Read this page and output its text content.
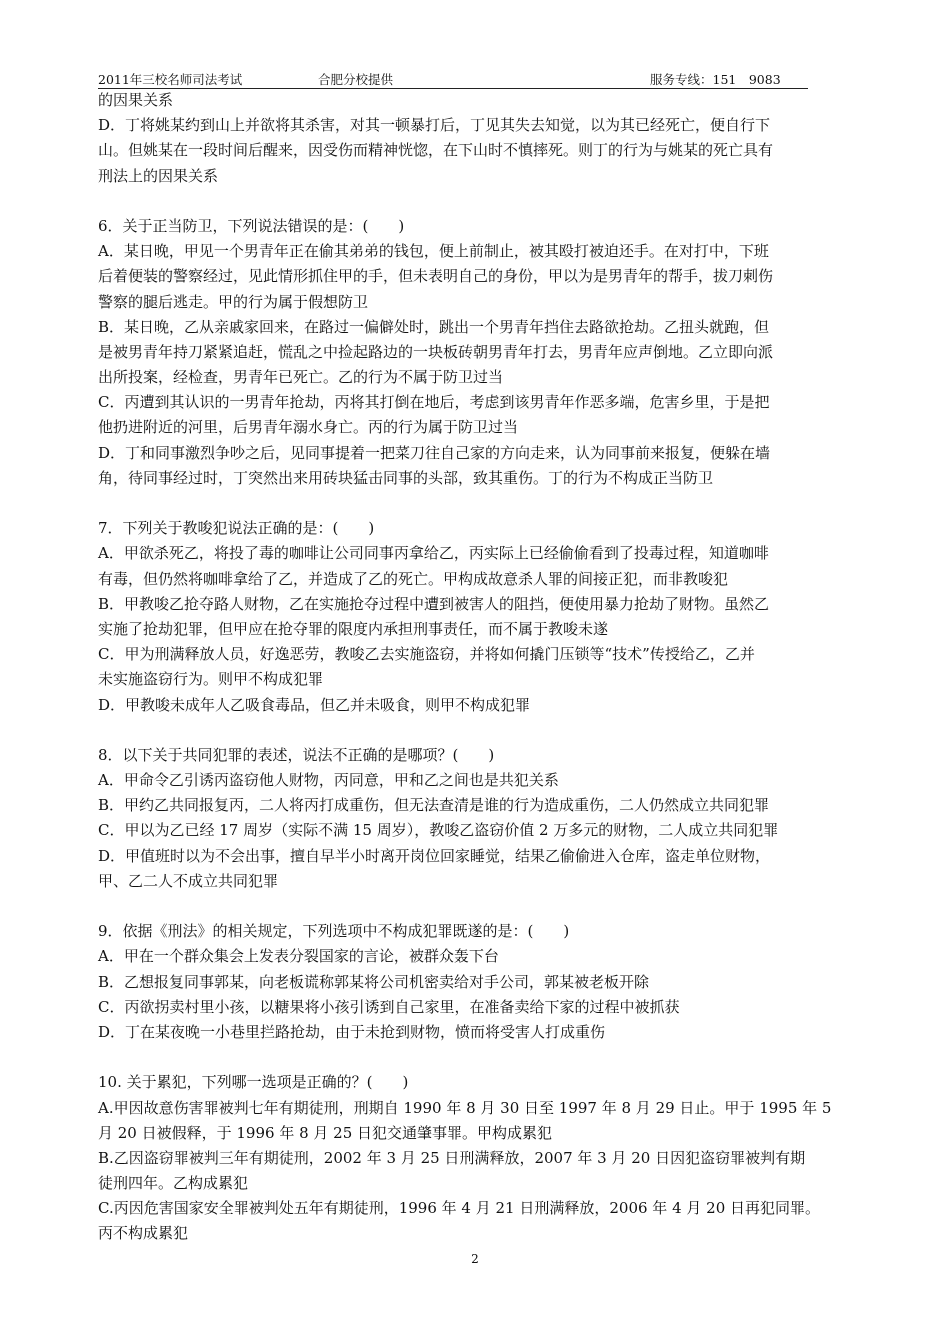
2011年三校名师司法考试	合肥分校提供	服务专线：151　9083
的因果关系
D．丁将姚某约到山上并欲将其杀害，对其一顿暴打后，丁见其失去知觉，以为其已经死亡，便自行下
山。但姚某在一段时间后醒来，因受伤而精神恍惚，在下山时不慎摔死。则丁的行为与姚某的死亡具有
刑法上的因果关系
6．关于正当防卫，下列说法错误的是：(　　)
A．某日晚，甲见一个男青年正在偷其弟弟的钱包，便上前制止，被其殴打被迫还手。在对打中，下班
后着便装的警察经过，见此情形抓住甲的手，但未表明自己的身份，甲以为是男青年的帮手，拔刀刺伤
警察的腿后逃走。甲的行为属于假想防卫
B．某日晚，乙从亲戚家回来，在路过一偏僻处时，跳出一个男青年挡住去路欲抢劫。乙扭头就跑，但
是被男青年持刀紧紧追赶，慌乱之中捡起路边的一块板砖朝男青年打去，男青年应声倒地。乙立即向派
出所投案，经检查，男青年已死亡。乙的行为不属于防卫过当
C．丙遭到其认识的一男青年抢劫，丙将其打倒在地后，考虑到该男青年作恶多端，危害乡里，于是把
他扔进附近的河里，后男青年溺水身亡。丙的行为属于防卫过当
D．丁和同事激烈争吵之后，见同事提着一把菜刀往自己家的方向走来，认为同事前来报复，便躲在墙
角，待同事经过时，丁突然出来用砖块猛击同事的头部，致其重伤。丁的行为不构成正当防卫
7．下列关于教唆犯说法正确的是：(　　)
A．甲欲杀死乙，将投了毒的咖啡让公司同事丙拿给乙，丙实际上已经偷偷看到了投毒过程，知道咖啡
有毒，但仍然将咖啡拿给了乙，并造成了乙的死亡。甲构成故意杀人罪的间接正犯，而非教唆犯
B．甲教唆乙抢夺路人财物，乙在实施抢夺过程中遭到被害人的阻挡，便使用暴力抢劫了财物。虽然乙
实施了抢劫犯罪，但甲应在抢夺罪的限度内承担刑事责任，而不属于教唆未遂
C．甲为刑满释放人员，好逸恶劳，教唆乙去实施盗窃，并将如何撬门压锁等“技术”传授给乙，乙并
未实施盗窃行为。则甲不构成犯罪
D．甲教唆未成年人乙吸食毒品，但乙并未吸食，则甲不构成犯罪
8．以下关于共同犯罪的表述，说法不正确的是哪项？(　　)
A．甲命令乙引诱丙盗窃他人财物，丙同意，甲和乙之间也是共犯关系
B．甲约乙共同报复丙，二人将丙打成重伤，但无法查清是谁的行为造成重伤，二人仍然成立共同犯罪
C．甲以为乙已经 17 周岁（实际不满 15 周岁），教唆乙盗窃价值 2 万多元的财物，二人成立共同犯罪
D．甲值班时以为不会出事，擅自早半小时离开岗位回家睡觉，结果乙偷偷进入仓库，盗走单位财物，
甲、乙二人不成立共同犯罪
9．依据《刑法》的相关规定，下列选项中不构成犯罪既遂的是：(　　)
A．甲在一个群众集会上发表分裂国家的言论，被群众轰下台
B．乙想报复同事郭某，向老板谎称郭某将公司机密卖给对手公司，郭某被老板开除
C．丙欲拐卖村里小孩，以糖果将小孩引诱到自己家里，在准备卖给下家的过程中被抓获
D．丁在某夜晚一小巷里拦路抢劫，由于未抢到财物，愤而将受害人打成重伤
10. 关于累犯，下列哪一选项是正确的？(　　)
A.甲因故意伤害罪被判七年有期徒刑，刑期自 1990 年 8 月 30 日至 1997 年 8 月 29 日止。甲于 1995 年 5
月 20 日被假释，于 1996 年 8 月 25 日犯交通肇事罪。甲构成累犯
B.乙因盗窃罪被判三年有期徒刑，2002 年 3 月 25 日刑满释放，2007 年 3 月 20 日因犯盗窃罪被判有期
徒刑四年。乙构成累犯
C.丙因危害国家安全罪被判处五年有期徒刑，1996 年 4 月 21 日刑满释放，2006 年 4 月 20 日再犯同罪。
丙不构成累犯
2
